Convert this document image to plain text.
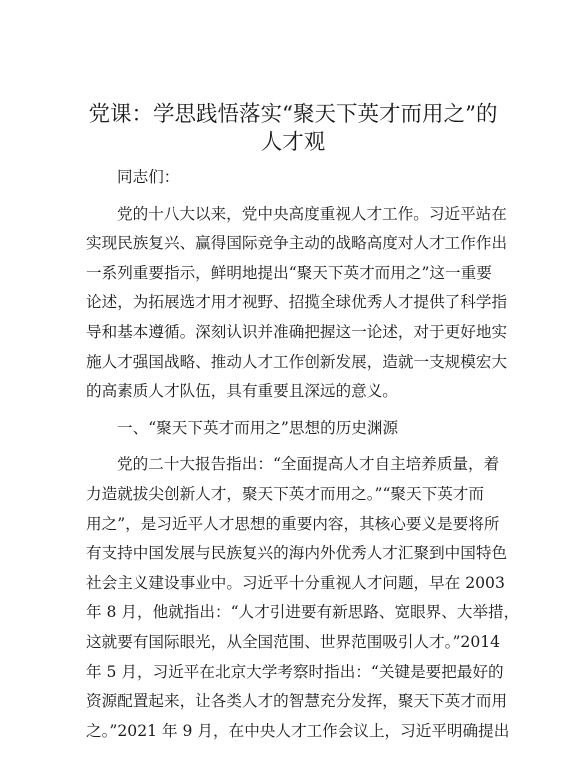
党课：学思践悟落实“聚天下英才而用之”的
人才观
同志们：
党的十八大以来，党中央高度重视人才工作。习近平站在
实现民族复兴、赢得国际竞争主动的战略高度对人才工作作出
一系列重要指示，鲜明地提出“聚天下英才而用之”这一重要
论述，为拓展选才用才视野、招揽全球优秀人才提供了科学指
导和基本遵循。深刻认识并准确把握这一论述，对于更好地实
施人才强国战略、推动人才工作创新发展，造就一支规模宏大
的高素质人才队伍，具有重要且深远的意义。
一、“聚天下英才而用之”思想的历史渊源
党的二十大报告指出：“全面提高人才自主培养质量，着
力造就拔尖创新人才，聚天下英才而用之。”“聚天下英才而
用之”，是习近平人才思想的重要内容，其核心要义是要将所
有支持中国发展与民族复兴的海内外优秀人才汇聚到中国特色
社会主义建设事业中。习近平十分重视人才问题，早在 2003
年 8 月，他就指出：“人才引进要有新思路、宽眼界、大举措，
这就要有国际眼光，从全国范围、世界范围吸引人才。”2014
年 5 月，习近平在北京大学考察时指出：“关键是要把最好的
资源配置起来，让各类人才的智慧充分发挥，聚天下英才而用
之。”2021 年 9 月，在中央人才工作会议上，习近平明确提出
